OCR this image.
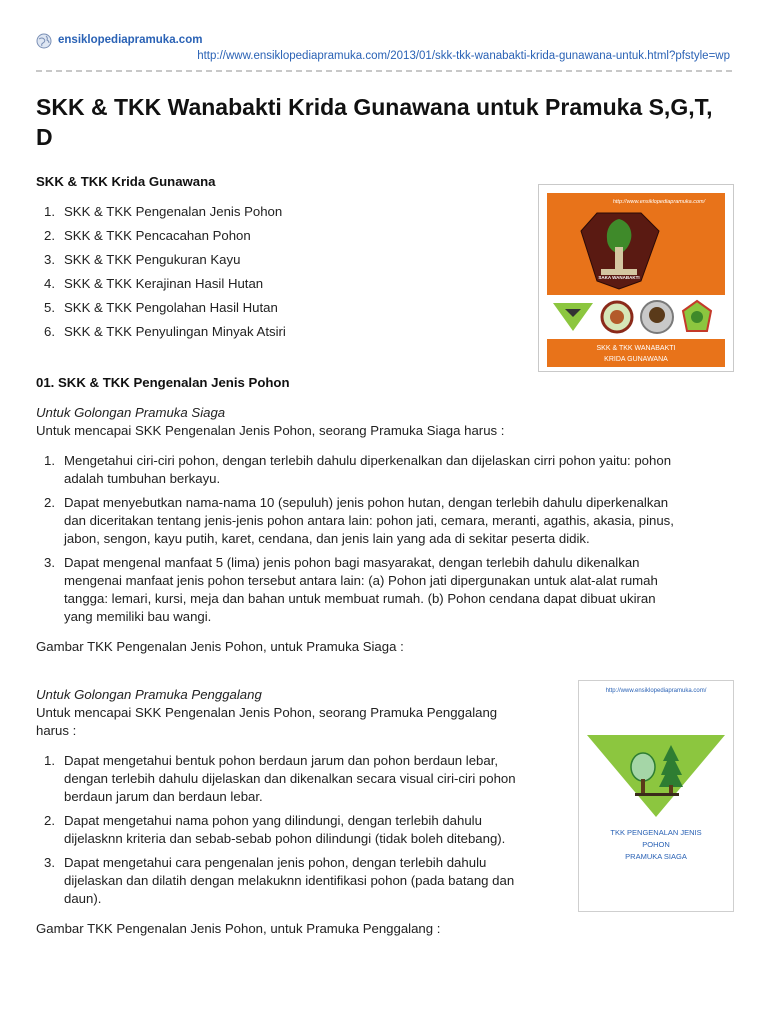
ensiklopediapramuka.com
http://www.ensiklopediapramuka.com/2013/01/skk-tkk-wanabakti-krida-gunawana-untuk.html?pfstyle=wp
SKK & TKK Wanabakti Krida Gunawana untuk Pramuka S,G,T, D

SKK & TKK Krida Gunawana

1. SKK & TKK Pengenalan Jenis Pohon
2. SKK & TKK Pencacahan Pohon
3. SKK & TKK Pengukuran Kayu
4. SKK & TKK Kerajinan Hasil Hutan
5. SKK & TKK Pengolahan Hasil Hutan
6. SKK & TKK Penyulingan Minyak Atsiri
http://www.ensiklopediapramuka.com/
SAKA WANABAKTI
SKK & TKK WANABAKTI
KRIDA GUNAWANA

01. SKK & TKK Pengenalan Jenis Pohon

Untuk Golongan Pramuka Siaga

Untuk mencapai SKK Pengenalan Jenis Pohon, seorang Pramuka Siaga harus :

1. Mengetahui ciri-ciri pohon, dengan terlebih dahulu diperkenalkan dan dijelaskan cirri pohon yaitu: pohon
adalah tumbuhan berkayu.
2. Dapat menyebutkan nama-nama 10 (sepuluh) jenis pohon hutan, dengan terlebih dahulu diperkenalkan
dan diceritakan tentang jenis-jenis pohon antara lain: pohon jati, cemara, meranti, agathis, akasia, pinus,
jabon, sengon, kayu putih, karet, cendana, dan jenis lain yang ada di sekitar peserta didik.
3. Dapat mengenal manfaat 5 (lima) jenis pohon bagi masyarakat, dengan terlebih dahulu dikenalkan
mengenai manfaat jenis pohon tersebut antara lain: (a) Pohon jati dipergunakan untuk alat-alat rumah
tangga: lemari, kursi, meja dan bahan untuk membuat rumah. (b) Pohon cendana dapat dibuat ukiran
yang memiliki bau wangi.

Gambar TKK Pengenalan Jenis Pohon, untuk Pramuka Siaga :

Untuk Golongan Pramuka Penggalang

Untuk mencapai SKK Pengenalan Jenis Pohon, seorang Pramuka Penggalang

harus :

1. Dapat mengetahui bentuk pohon berdaun jarum dan pohon berdaun lebar,
dengan terlebih dahulu dijelaskan dan dikenalkan secara visual ciri-ciri pohon
berdaun jarum dan berdaun lebar.
2. Dapat mengetahui nama pohon yang dilindungi, dengan terlebih dahulu
dijelasknn kriteria dan sebab-sebab pohon dilindungi (tidak boleh ditebang).
3. Dapat mengetahui cara pengenalan jenis pohon, dengan terlebih dahulu
dijelaskan dan dilatih dengan melakuknn identifikasi pohon (pada batang dan
daun).

Gambar TKK Pengenalan Jenis Pohon, untuk Pramuka Penggalang :

http://www.ensiklopediapramuka.com/
TKK PENGENALAN JENIS
POHON
PRAMUKA SIAGA
